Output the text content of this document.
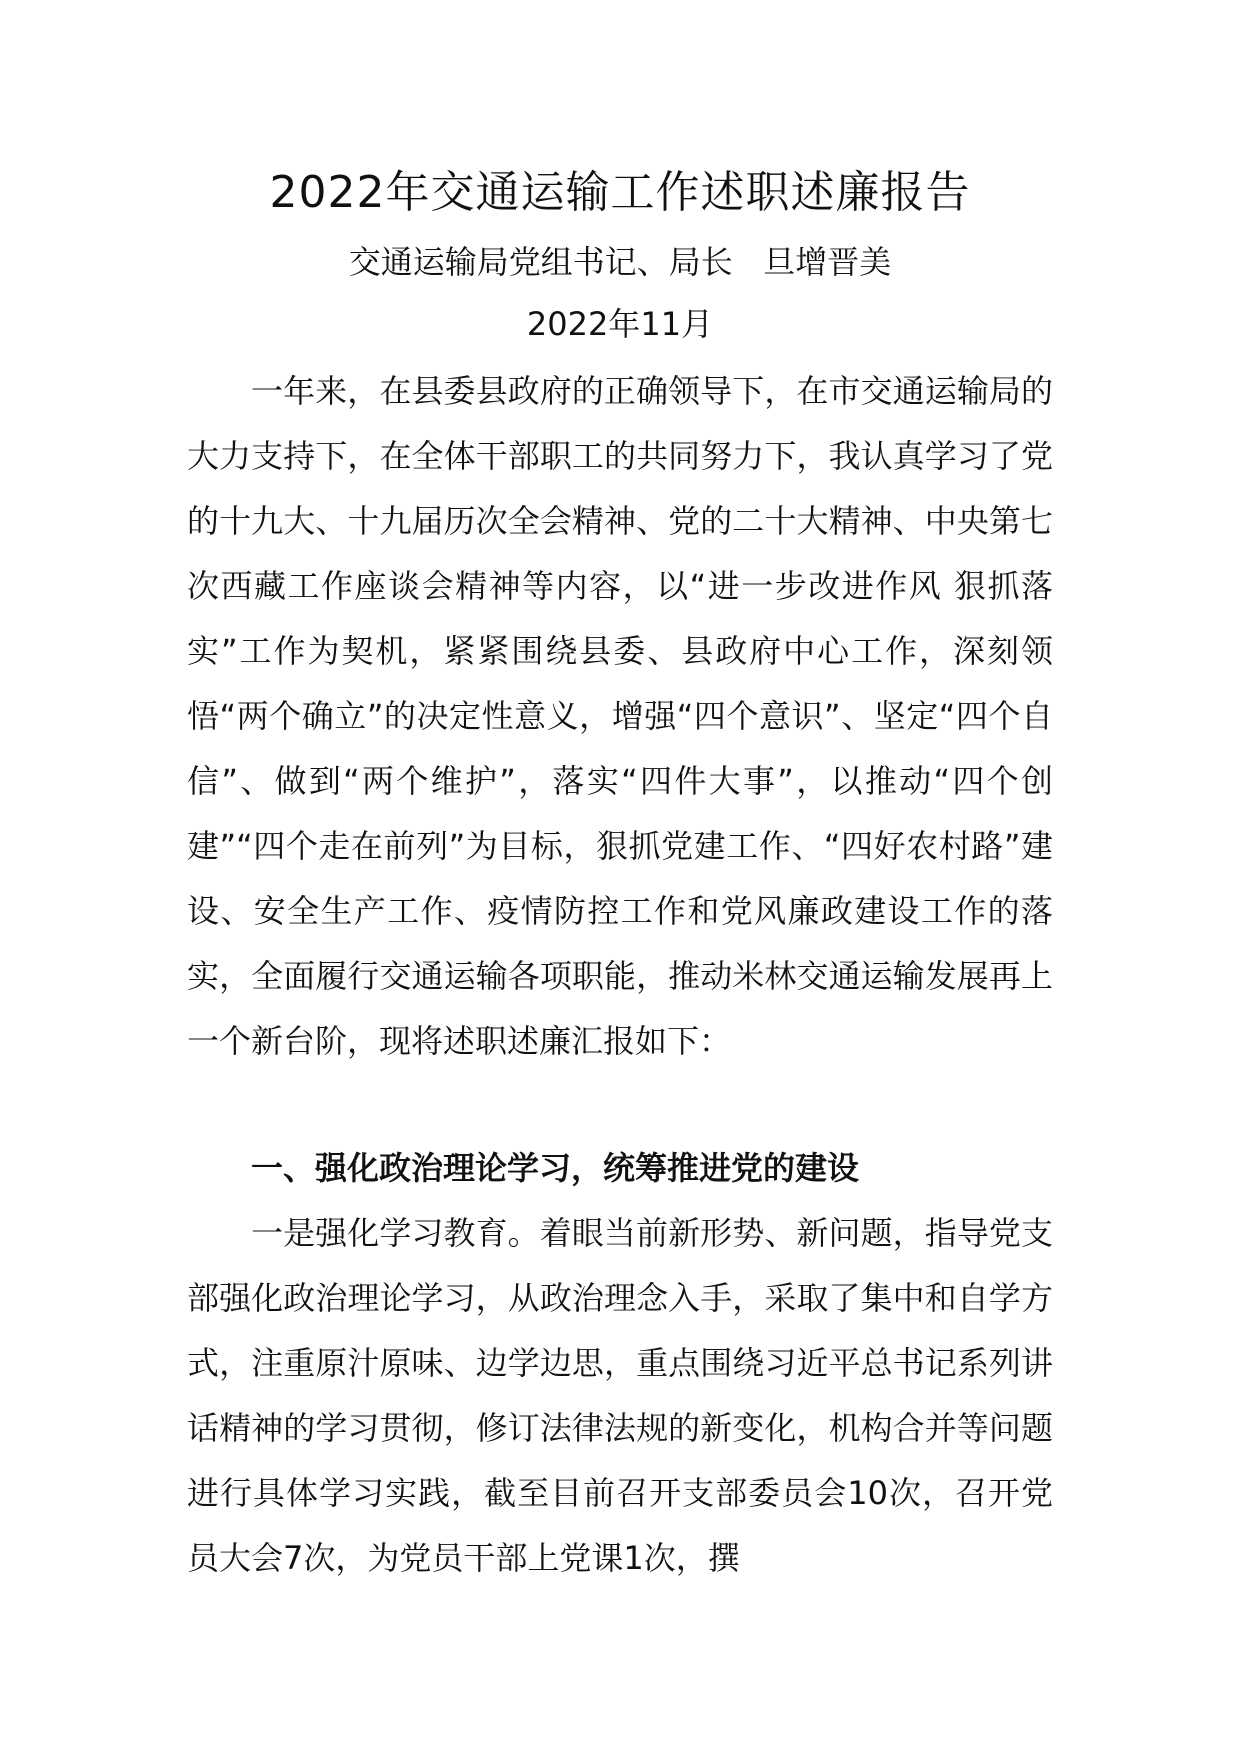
2022年交通运输工作述职述廉报告
交通运输局党组书记、局长   旦增晋美
2022年11月

一年来，在县委县政府的正确领导下，在市交通运输局的大力支持下，在全体干部职工的共同努力下，我认真学习了党的十九大、十九届历次全会精神、党的二十大精神、中央第七次西藏工作座谈会精神等内容，以“进一步改进作风 狠抓落实”工作为契机，紧紧围绕县委、县政府中心工作，深刻领悟“两个确立”的决定性意义，增强“四个意识”、坚定“四个自信”、做到“两个维护”，落实“四件大事”，以推动“四个创建”“四个走在前列”为目标，狠抓党建工作、“四好农村路”建设、安全生产工作、疫情防控工作和党风廉政建设工作的落实，全面履行交通运输各项职能，推动米林交通运输发展再上一个新台阶，现将述职述廉汇报如下：

一、强化政治理论学习，统筹推进党的建设

一是强化学习教育。着眼当前新形势、新问题，指导党支部强化政治理论学习，从政治理念入手，采取了集中和自学方式，注重原汁原味、边学边思，重点围绕习近平总书记系列讲话精神的学习贯彻，修订法律法规的新变化，机构合并等问题进行具体学习实践，截至目前召开支部委员会10次，召开党员大会7次，为党员干部上党课1次，撰
